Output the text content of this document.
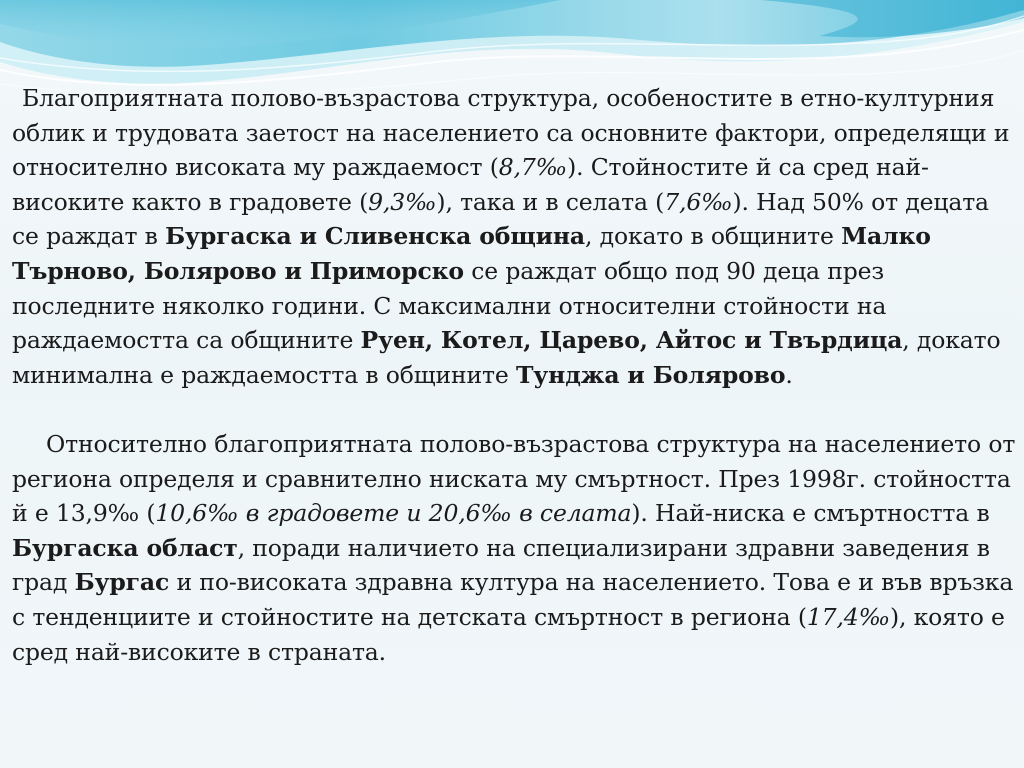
Благоприятната полово-възрастова структура, особеностите в етно-културния облик и трудовата заетост на населението са основните фактори, определящи и относително високата му раждаемост (8,7‰). Стойностите й са сред най-високите както в градовете (9,3‰), така и в селата (7,6‰). Над 50% от децата се раждат в Бургаска и Сливенска община, докато в общините Малко Търново, Болярово и Приморско се раждат общо под 90 деца през последните няколко години. С максимални относителни стойности на раждаемостта са общините Руен, Котел, Царево, Айтос и Твърдица, докато минимална е раждаемостта в общините Тунджа и Болярово.

Относително благоприятната полово-възрастова структура на населението от региона определя и сравнително ниската му смъртност. През 1998г. стойността й е 13,9‰ (10,6‰ в градовете и 20,6‰ в селата). Най-ниска е смъртността в Бургаска област, поради наличието на специализирани здравни заведения в град Бургас и по-високата здравна култура на населението. Това е и във връзка с тенденциите и стойностите на детската смъртност в региона (17,4‰), която е сред най-високите в страната.
